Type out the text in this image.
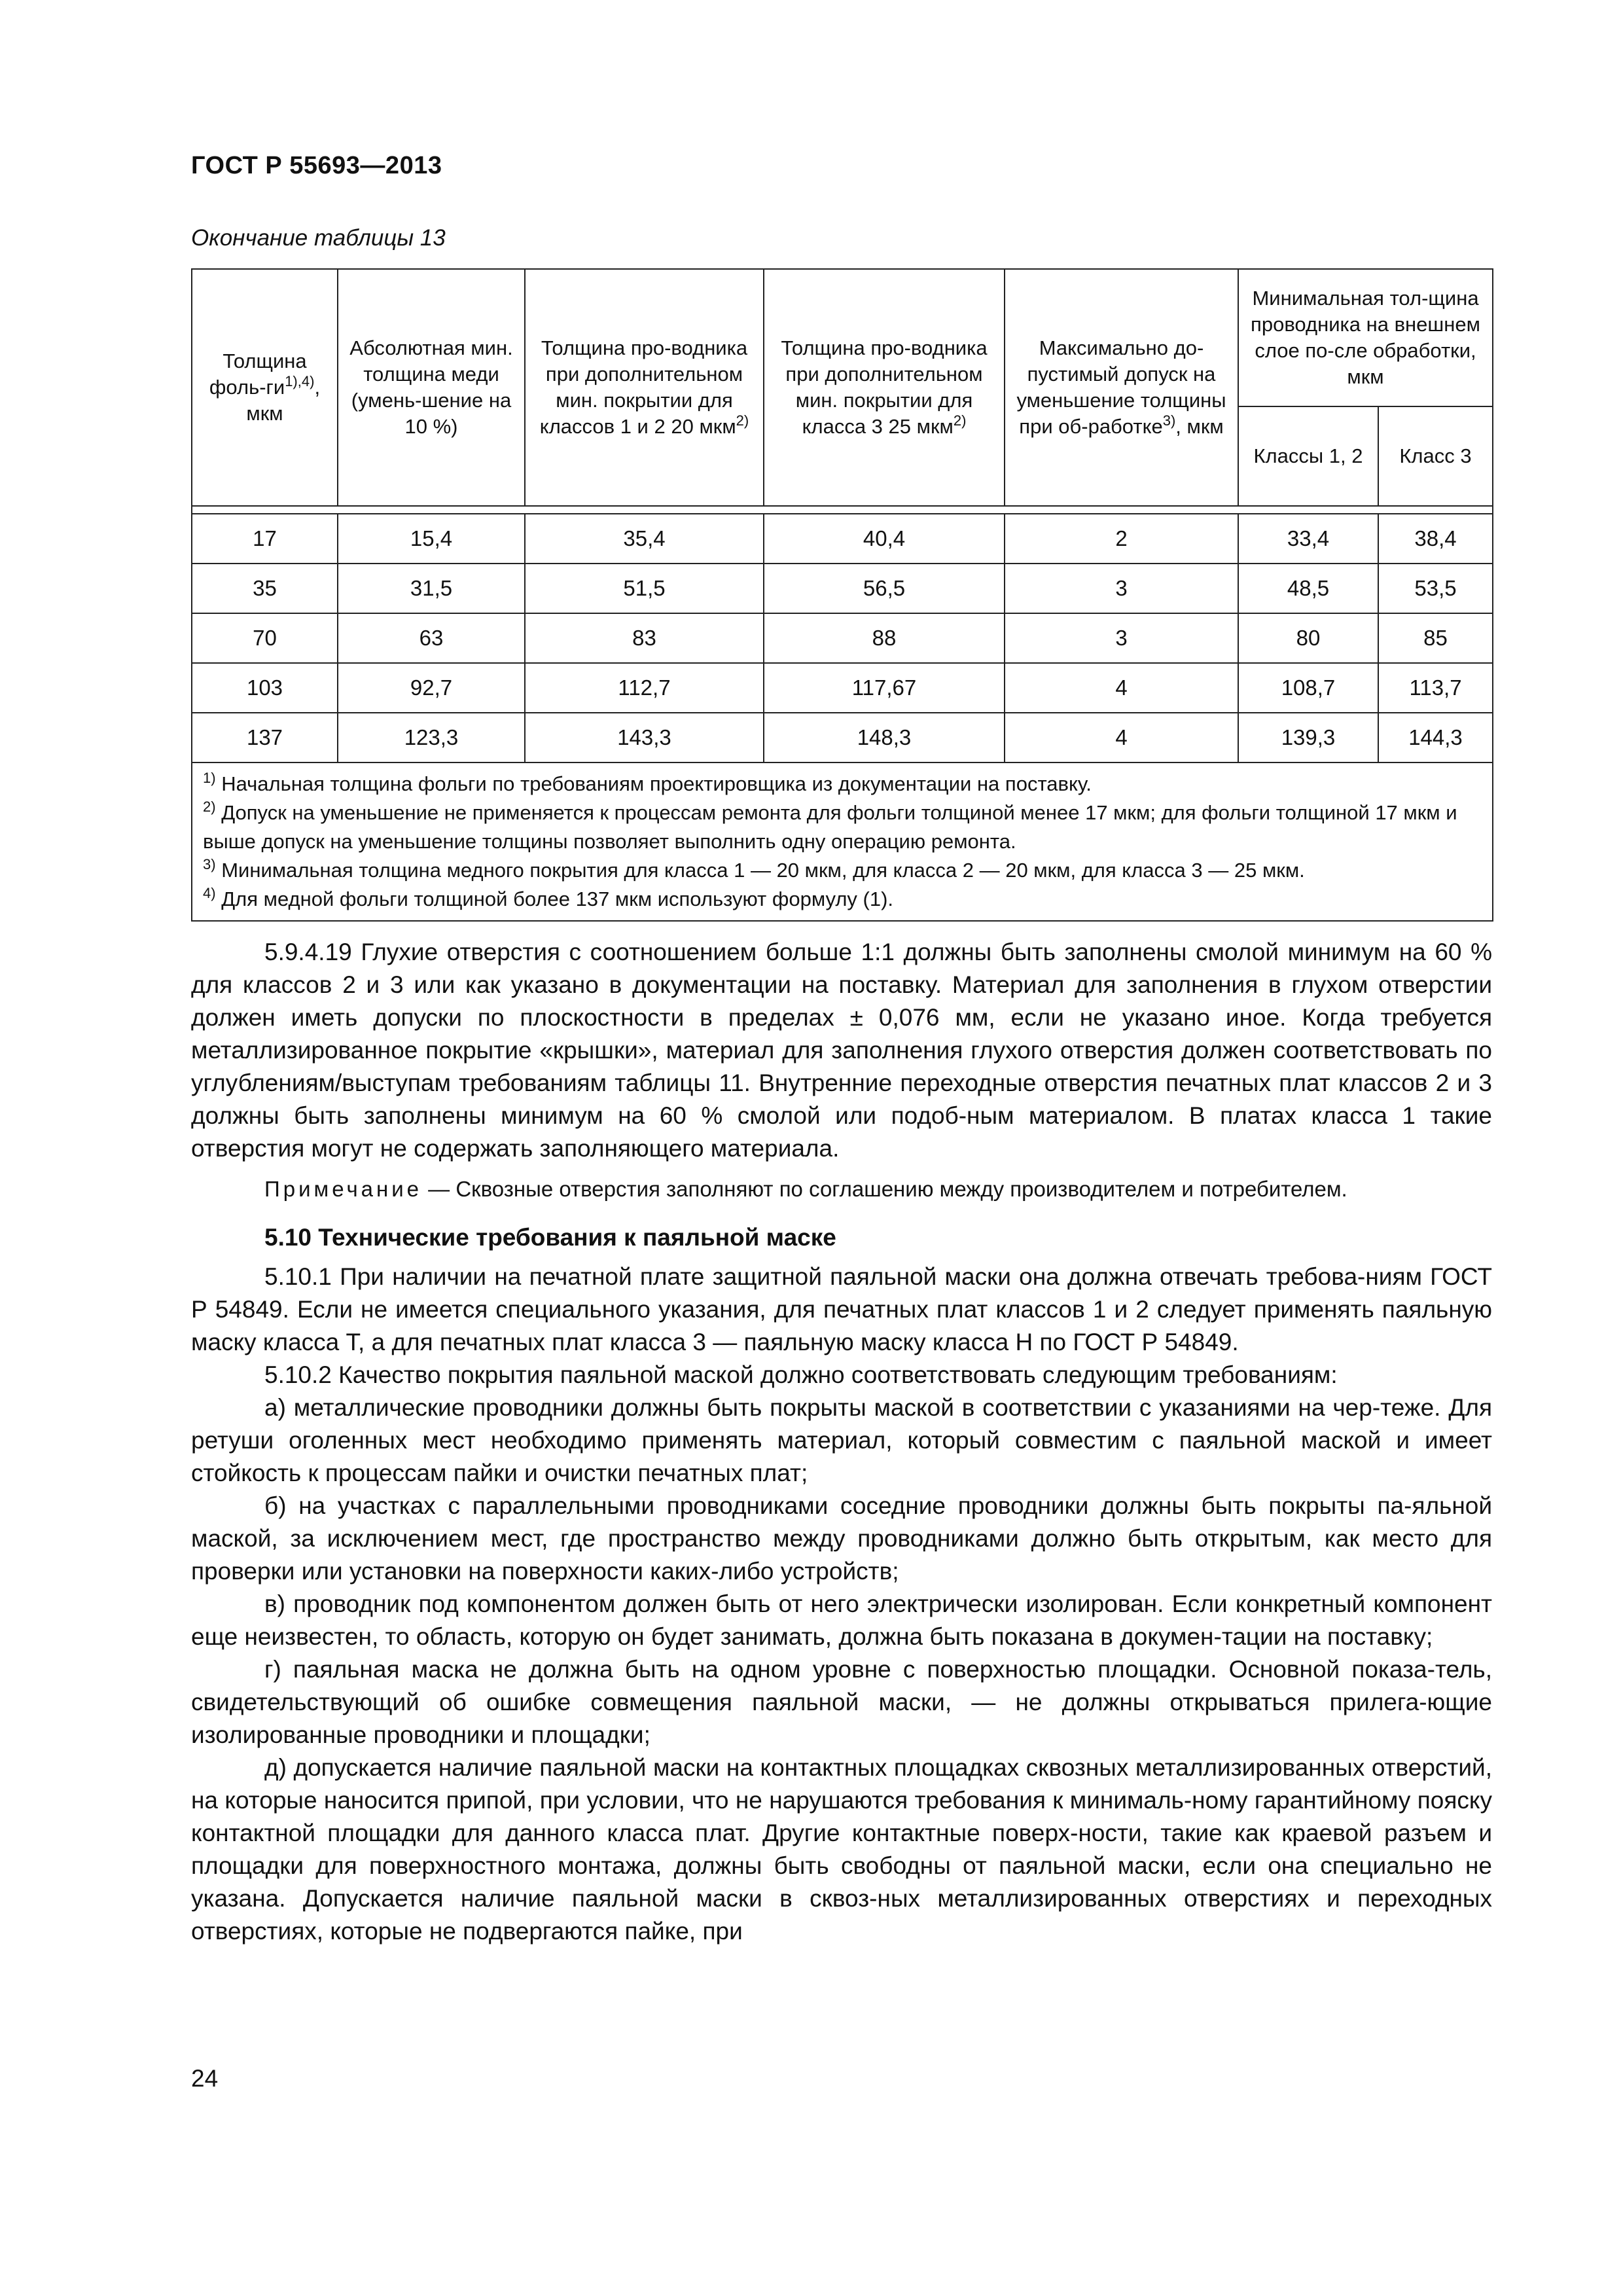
ГОСТ Р 55693—2013
Окончание таблицы 13
Толщина фоль-$ги^{1),4)}$, мкм	Абсолютная мин. толщина меди (умень-шение на 10 %)	Толщина про-водника при дополнительном мин. покрытии для классов 1 и 2 20 мкм$^{2)}$	Толщина про-водника при дополнительном мин. покрытии для класса 3 25 мкм$^{2)}$	Максимально до-пустимый допуск на уменьшение толщины при об-работке$^{3)}$, мкм	Минимальная тол-щина проводника на внешнем слое по-сле обработки, мкм	
					Классы 1, 2	Класс 3

17	15,4	35,4	40,4	2	33,4	38,4
35	31,5	51,5	56,5	3	48,5	53,5
70	63	83	88	3	80	85
103	92,7	112,7	117,67	4	108,7	113,7
137	123,3	143,3	148,3	4	139,3	144,3

$^{1)}$ Начальная толщина фольги по требованиям проектировщика из документации на поставку.
$^{2)}$ Допуск на уменьшение не применяется к процессам ремонта для фольги толщиной менее 17 мкм; для фольги толщиной 17 мкм и выше допуск на уменьшение толщины позволяет выполнить одну операцию ремонта.
$^{3)}$ Минимальная толщина медного покрытия для класса 1 — 20 мкм, для класса 2 — 20 мкм, для класса 3 — 25 мкм.
$^{4)}$ Для медной фольги толщиной более 137 мкм используют формулу (1).						

5.9.4.19 Глухие отверстия с соотношением больше 1:1 должны быть заполнены смолой минимум на 60 % для классов 2 и 3 или как указано в документации на поставку. Материал для заполнения в глухом отверстии должен иметь допуски по плоскостности в пределах ± 0,076 мм, если не указано иное. Когда требуется металлизированное покрытие «крышки», материал для заполнения глухого отверстия должен соответствовать по углублениям/выступам требованиям таблицы 11. Внутренние переходные отверстия печатных плат классов 2 и 3 должны быть заполнены минимум на 60 % смолой или подоб-ным материалом. В платах класса 1 такие отверстия могут не содержать заполняющего материала.

Примечание — Сквозные отверстия заполняют по соглашению между производителем и потребителем.

5.10 Технические требования к паяльной маске

5.10.1 При наличии на печатной плате защитной паяльной маски она должна отвечать требова-ниям ГОСТ Р 54849. Если не имеется специального указания, для печатных плат классов 1 и 2 следует применять паяльную маску класса Т, а для печатных плат класса 3 — паяльную маску класса Н по ГОСТ Р 54849.

5.10.2 Качество покрытия паяльной маской должно соответствовать следующим требованиям:

а) металлические проводники должны быть покрыты маской в соответствии с указаниями на чер-теже. Для ретуши оголенных мест необходимо применять материал, который совместим с паяльной маской и имеет стойкость к процессам пайки и очистки печатных плат;

б) на участках с параллельными проводниками соседние проводники должны быть покрыты па-яльной маской, за исключением мест, где пространство между проводниками должно быть открытым, как место для проверки или установки на поверхности каких-либо устройств;

в) проводник под компонентом должен быть от него электрически изолирован. Если конкретный компонент еще неизвестен, то область, которую он будет занимать, должна быть показана в докумен-тации на поставку;

г) паяльная маска не должна быть на одном уровне с поверхностью площадки. Основной показа-тель, свидетельствующий об ошибке совмещения паяльной маски, — не должны открываться прилега-ющие изолированные проводники и площадки;

д) допускается наличие паяльной маски на контактных площадках сквозных металлизированных отверстий, на которые наносится припой, при условии, что не нарушаются требования к минималь-ному гарантийному пояску контактной площадки для данного класса плат. Другие контактные поверх-ности, такие как краевой разъем и площадки для поверхностного монтажа, должны быть свободны от паяльной маски, если она специально не указана. Допускается наличие паяльной маски в сквоз-ных металлизированных отверстиях и переходных отверстиях, которые не подвергаются пайке, при

24
